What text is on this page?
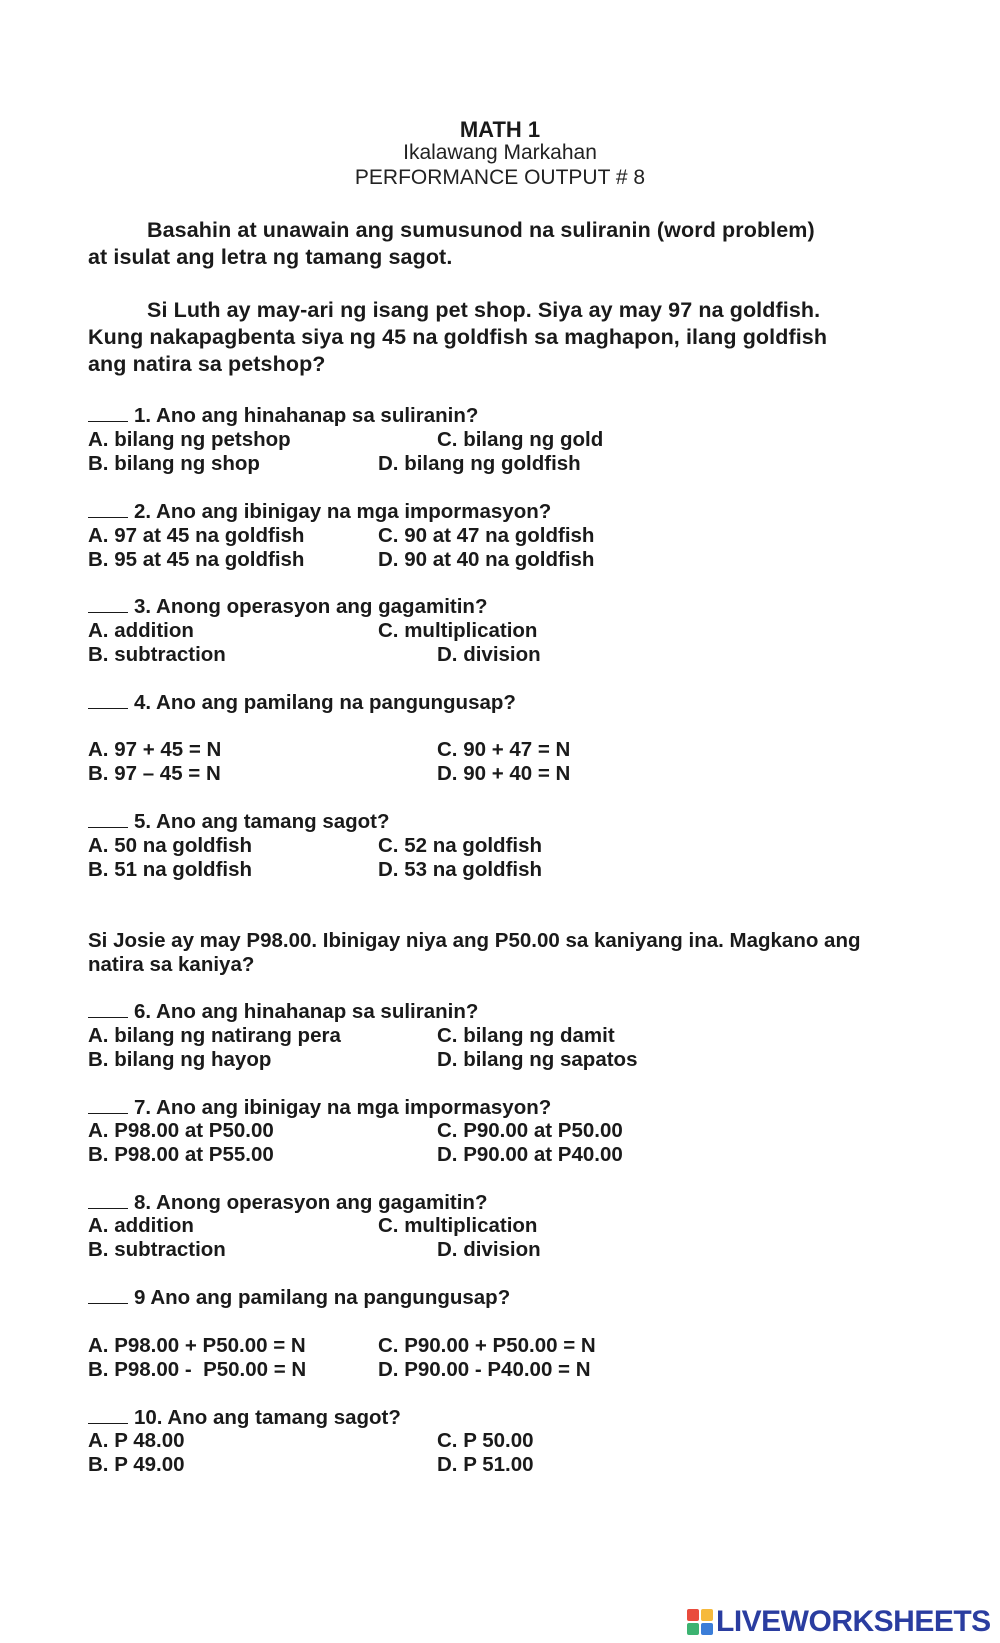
MATH 1
Ikalawang Markahan
PERFORMANCE OUTPUT # 8
Basahin at unawain ang sumusunod na suliranin (word problem)
at isulat ang letra ng tamang sagot.
Si Luth ay may-ari ng isang pet shop. Siya ay may 97 na goldfish.
Kung nakapagbenta siya ng 45 na goldfish sa maghapon, ilang goldfish
ang natira sa petshop?
1. Ano ang hinahanap sa suliranin?
A. bilang ng petshop
B. bilang ng shop
C. bilang ng gold
D. bilang ng goldfish
2. Ano ang ibinigay na mga impormasyon?
A. 97 at 45 na goldfish
B. 95 at 45 na goldfish
C. 90 at 47 na goldfish
D. 90 at 40 na goldfish
3. Anong operasyon ang gagamitin?
A. addition
B. subtraction
C. multiplication
D. division
4. Ano ang pamilang na pangungusap?
A. 97 + 45 = N
B. 97 – 45 = N
C. 90 + 47 = N
D. 90 + 40 = N
5. Ano ang tamang sagot?
A. 50 na goldfish
B. 51 na goldfish
C. 52 na goldfish
D. 53 na goldfish
Si Josie ay may P98.00. Ibinigay niya ang P50.00 sa kaniyang ina. Magkano ang
natira sa kaniya?
6. Ano ang hinahanap sa suliranin?
A. bilang ng natirang pera
B. bilang ng hayop
C. bilang ng damit
D. bilang ng sapatos
7. Ano ang ibinigay na mga impormasyon?
A. P98.00 at P50.00
B. P98.00 at P55.00
C. P90.00 at P50.00
D. P90.00 at P40.00
8. Anong operasyon ang gagamitin?
A. addition
B. subtraction
C. multiplication
D. division
9 Ano ang pamilang na pangungusap?
A. P98.00 + P50.00 = N
B. P98.00 -  P50.00 = N
C. P90.00 + P50.00 = N
D. P90.00 - P40.00 = N
10. Ano ang tamang sagot?
A. P 48.00
B. P 49.00
C. P 50.00
D. P 51.00
LIVEWORKSHEETS
